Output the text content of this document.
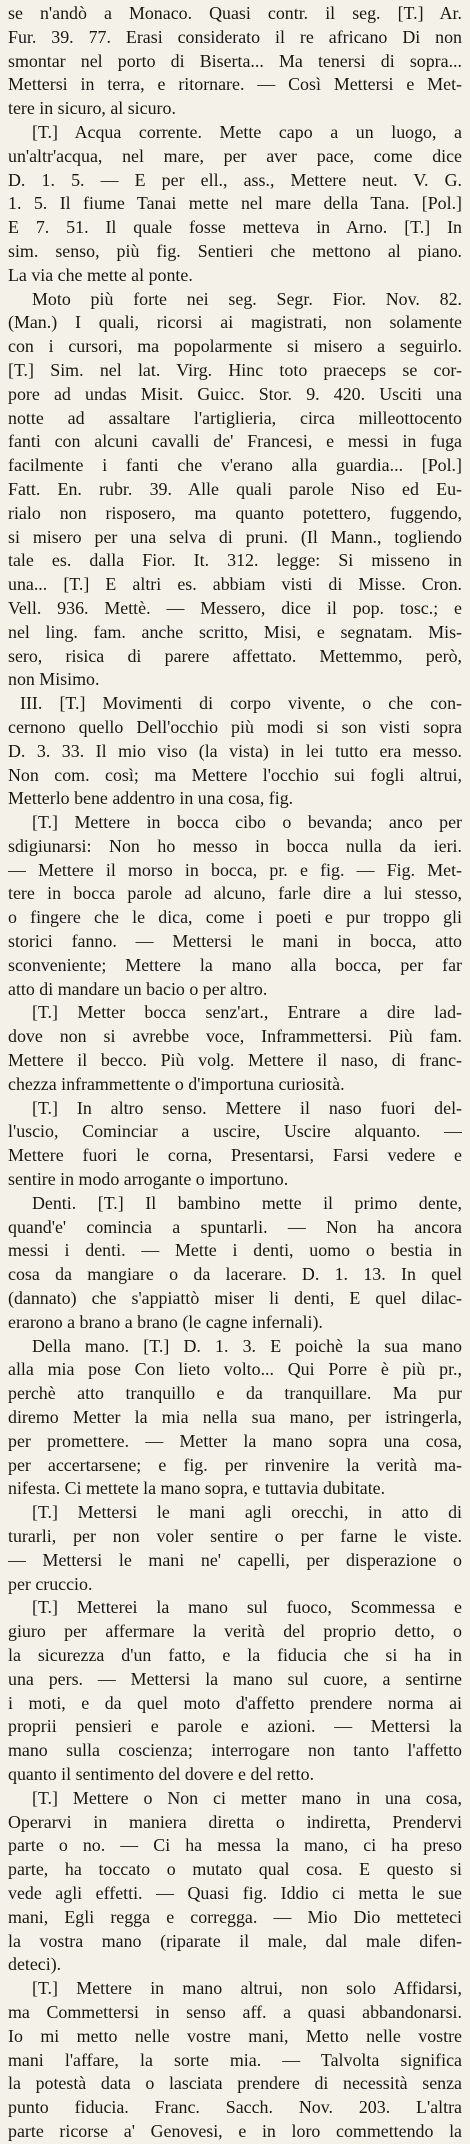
se n'andò a Monaco. Quasi contr. il seg. [T.] Ar.
Fur. 39. 77. Erasi considerato il re africano Di non
smontar nel porto di Biserta... Ma tenersi di sopra...
Mettersi in terra, e ritornare. — Così Mettersi e Met-
tere in sicuro, al sicuro.
[T.] Acqua corrente. Mette capo a un luogo, a
un'altr'acqua, nel mare, per aver pace, come dice
D. 1. 5. — E per ell., ass., Mettere neut. V. G.
1. 5. Il fiume Tanai mette nel mare della Tana. [Pol.]
E 7. 51. Il quale fosse metteva in Arno. [T.] In
sim. senso, più fig. Sentieri che mettono al piano.
La via che mette al ponte.
Moto più forte nei seg. Segr. Fior. Nov. 82.
(Man.) I quali, ricorsi ai magistrati, non solamente
con i cursori, ma popolarmente si misero a seguirlo.
[T.] Sim. nel lat. Virg. Hinc toto praeceps se cor-
pore ad undas Misit. Guicc. Stor. 9. 420. Usciti una
notte ad assaltare l'artiglieria, circa milleottocento
fanti con alcuni cavalli de' Francesi, e messi in fuga
facilmente i fanti che v'erano alla guardia... [Pol.]
Fatt. En. rubr. 39. Alle quali parole Niso ed Eu-
rialo non risposero, ma quanto potettero, fuggendo,
si misero per una selva di pruni. (Il Mann., togliendo
tale es. dalla Fior. It. 312. legge: Si misseno in
una... [T.] E altri es. abbiam visti di Misse. Cron.
Vell. 936. Mettè. — Messero, dice il pop. tosc.; e
nel ling. fam. anche scritto, Misi, e segnatam. Mis-
sero, risica di parere affettato. Mettemmo, però,
non Misimo.
III. [T.] Movimenti di corpo vivente, o che con-
cernono quello Dell'occhio più modi si son visti sopra
D. 3. 33. Il mio viso (la vista) in lei tutto era messo.
Non com. così; ma Mettere l'occhio sui fogli altrui,
Metterlo bene addentro in una cosa, fig.
[T.] Mettere in bocca cibo o bevanda; anco per
sdigiunarsi: Non ho messo in bocca nulla da ieri.
— Mettere il morso in bocca, pr. e fig. — Fig. Met-
tere in bocca parole ad alcuno, farle dire a lui stesso,
o fingere che le dica, come i poeti e pur troppo gli
storici fanno. — Mettersi le mani in bocca, atto
sconveniente; Mettere la mano alla bocca, per far
atto di mandare un bacio o per altro.
[T.] Metter bocca senz'art., Entrare a dire lad-
dove non si avrebbe voce, Inframmettersi. Più fam.
Mettere il becco. Più volg. Mettere il naso, di franc-
chezza inframmettente o d'importuna curiosità.
[T.] In altro senso. Mettere il naso fuori del-
l'uscio, Cominciar a uscire, Uscire alquanto. —
Mettere fuori le corna, Presentarsi, Farsi vedere e
sentire in modo arrogante o importuno.
Denti. [T.] Il bambino mette il primo dente,
quand'e' comincia a spuntarli. — Non ha ancora
messi i denti. — Mette i denti, uomo o bestia in
cosa da mangiare o da lacerare. D. 1. 13. In quel
(dannato) che s'appiattò miser li denti, E quel dilac-
erarono a brano a brano (le cagne infernali).
Della mano. [T.] D. 1. 3. E poichè la sua mano
alla mia pose Con lieto volto... Qui Porre è più pr.,
perchè atto tranquillo e da tranquillare. Ma pur
diremo Metter la mia nella sua mano, per istringerla,
per promettere. — Metter la mano sopra una cosa,
per accertarsene; e fig. per rinvenire la verità ma-
nifesta. Ci mettete la mano sopra, e tuttavia dubitate.
[T.] Mettersi le mani agli orecchi, in atto di
turarli, per non voler sentire o per farne le viste.
— Mettersi le mani ne' capelli, per disperazione o
per cruccio.
[T.] Metterei la mano sul fuoco, Scommessa e
giuro per affermare la verità del proprio detto, o
la sicurezza d'un fatto, e la fiducia che si ha in
una pers. — Mettersi la mano sul cuore, a sentirne
i moti, e da quel moto d'affetto prendere norma ai
proprii pensieri e parole e azioni. — Mettersi la
mano sulla coscienza; interrogare non tanto l'affetto
quanto il sentimento del dovere e del retto.
[T.] Mettere o Non ci metter mano in una cosa,
Operarvi in maniera diretta o indiretta, Prendervi
parte o no. — Ci ha messa la mano, ci ha preso
parte, ha toccato o mutato qual cosa. E questo si
vede agli effetti. — Quasi fig. Iddio ci metta le sue
mani, Egli regga e corregga. — Mio Dio metteteci
la vostra mano (riparate il male, dal male difen-
deteci).
[T.] Mettere in mano altrui, non solo Affidarsi,
ma Commettersi in senso aff. a quasi abbandonarsi.
Io mi metto nelle vostre mani, Metto nelle vostre
mani l'affare, la sorte mia. — Talvolta significa
la potestà data o lasciata prendere di necessità senza
punto fiducia. Franc. Sacch. Nov. 203. L'altra
parte ricorse a' Genovesi, e in loro commettendo la
